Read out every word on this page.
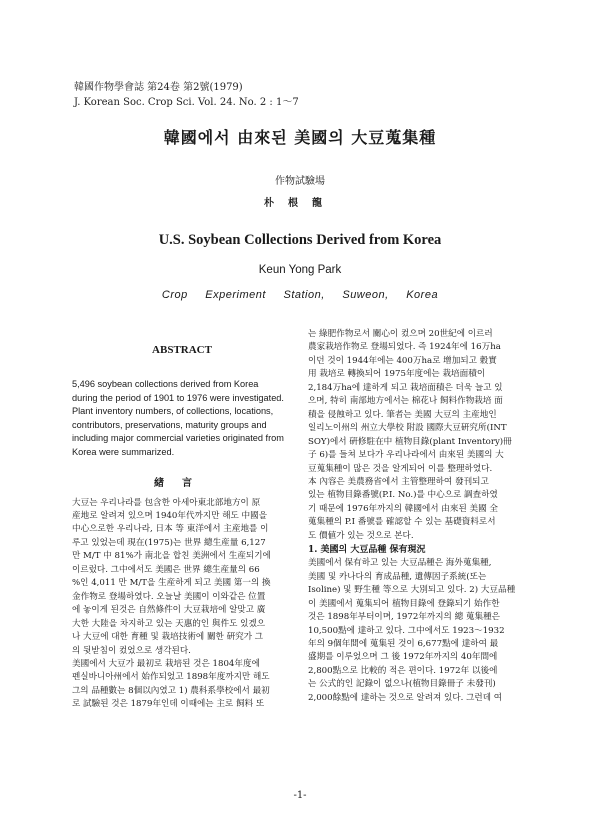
韓國作物學會誌 第24卷 第2號(1979)
J. Korean Soc. Crop Sci. Vol. 24. No. 2 : 1～7
韓國에서 由來된 美國의 大豆蒐集種
作物試驗場
朴根龍
U.S. Soybean Collections Derived from Korea
Keun Yong Park
Crop Experiment Station, Suweon, Korea
ABSTRACT
5,496 soybean collections derived from Korea
during the period of 1901 to 1976 were investigated.
Plant inventory numbers, of collections, locations,
contributors, preservations, maturity groups and
including major commercial varieties originated from
Korea were summarized.
緖言
大豆는 우리나라를 包含한 아세아東北部地方이 原
産地로 알려져 있으며 1940年代까지만 해도 中國을
中心으로한 우리나라, 日本 等 東洋에서 主産地를 이
루고 있었는데 現在(1975)는 世界 總生産量 6,127
만 M/T 中 81%가 南北을 합친 美洲에서 生産되기에
이르렀다. 그中에서도 美國은 世界 總生産量의 66
%인 4,011 만 M/T을 生産하게 되고 美國 第一의 換
金作物로 登場하였다. 오늘날 美國이 이와같은 位置
에 놓이게 된것은 自然條件이 大豆栽培에 알맞고 廣
大한 大陸을 차지하고 있는 天惠的인 與件도 있겠으
나 大豆에 대한 育種 및 栽培技術에 關한 硏究가 그
의 뒷받침이 컸었으로 생각된다.
美國에서 大豆가 最初로 栽培된 것은 1804年度에
펜실바니아州에서 始作되었고 1898年度까지만 해도
그의 品種數는 8個以內였고 1) 農科系學校에서 最初
로 試驗된 것은 1879年인데 이때에는 主로 飼料 또
는 綠肥作物로서 關心이 컸으며 20世紀에 이르러
農家栽培作物로 登場되었다. 즉 1924年에 16万ha
이던 것이 1944年에는 400万ha로 增加되고 穀實
用 栽培로 轉換되어 1975年度에는 栽培面積이
2,184万ha에 達하게 되고 栽培面積은 더욱 늘고 있
으며, 特히 南部地方에서는 棉花나 飼料作物栽培 面
積을 侵蝕하고 있다. 筆者는 美國 大豆의 主産地인
일리노이州의 州立大學校 附設 國際大豆硏究所(INT
SOY)에서 硏修駐在中 植物目錄(plant Inventory)冊
子 6)를 들쳐 보다가 우리나라에서 由來된 美國의 大
豆蒐集種이 많은 것을 알게되어 이를 整理하였다.
本 內容은 美農務省에서 主管整理하여 發刊되고
있는 植物目錄番號(P.I. No.)를 中心으로 調査하였
기 때문에 1976年까지의 韓國에서 由來된 美國 全
蒐集種의 P.I 番號를 確認할 수 있는 基礎資料로서
도 價値가 있는 것으로 본다.
1. 美國의 大豆品種 保有現況
美國에서 保有하고 있는 大豆品種은 海外蒐集種,
美國 및 카나다의 育成品種, 遺傳因子系統(또는
Isoline) 및 野生種 等으로 大別되고 있다. 2) 大豆品種
이 美國에서 蒐集되어 植物目錄에 登錄되기 始作한
것은 1898年부터이며, 1972年까지의 總 蒐集種은
10,500點에 達하고 있다. 그中에서도 1923～1932
年의 9個年間에 蒐集된 것이 6,677點에 達하여 最
盛期를 이루었으며 그 後 1972年까지의 40年間에
2,800點으로 比較的 적은 편이다. 1972年 以後에
는 公式的인 記錄이 없으나(植物目錄冊子 未發刊)
2,000餘點에 達하는 것으로 알려져 있다. 그런데 여
-1-
